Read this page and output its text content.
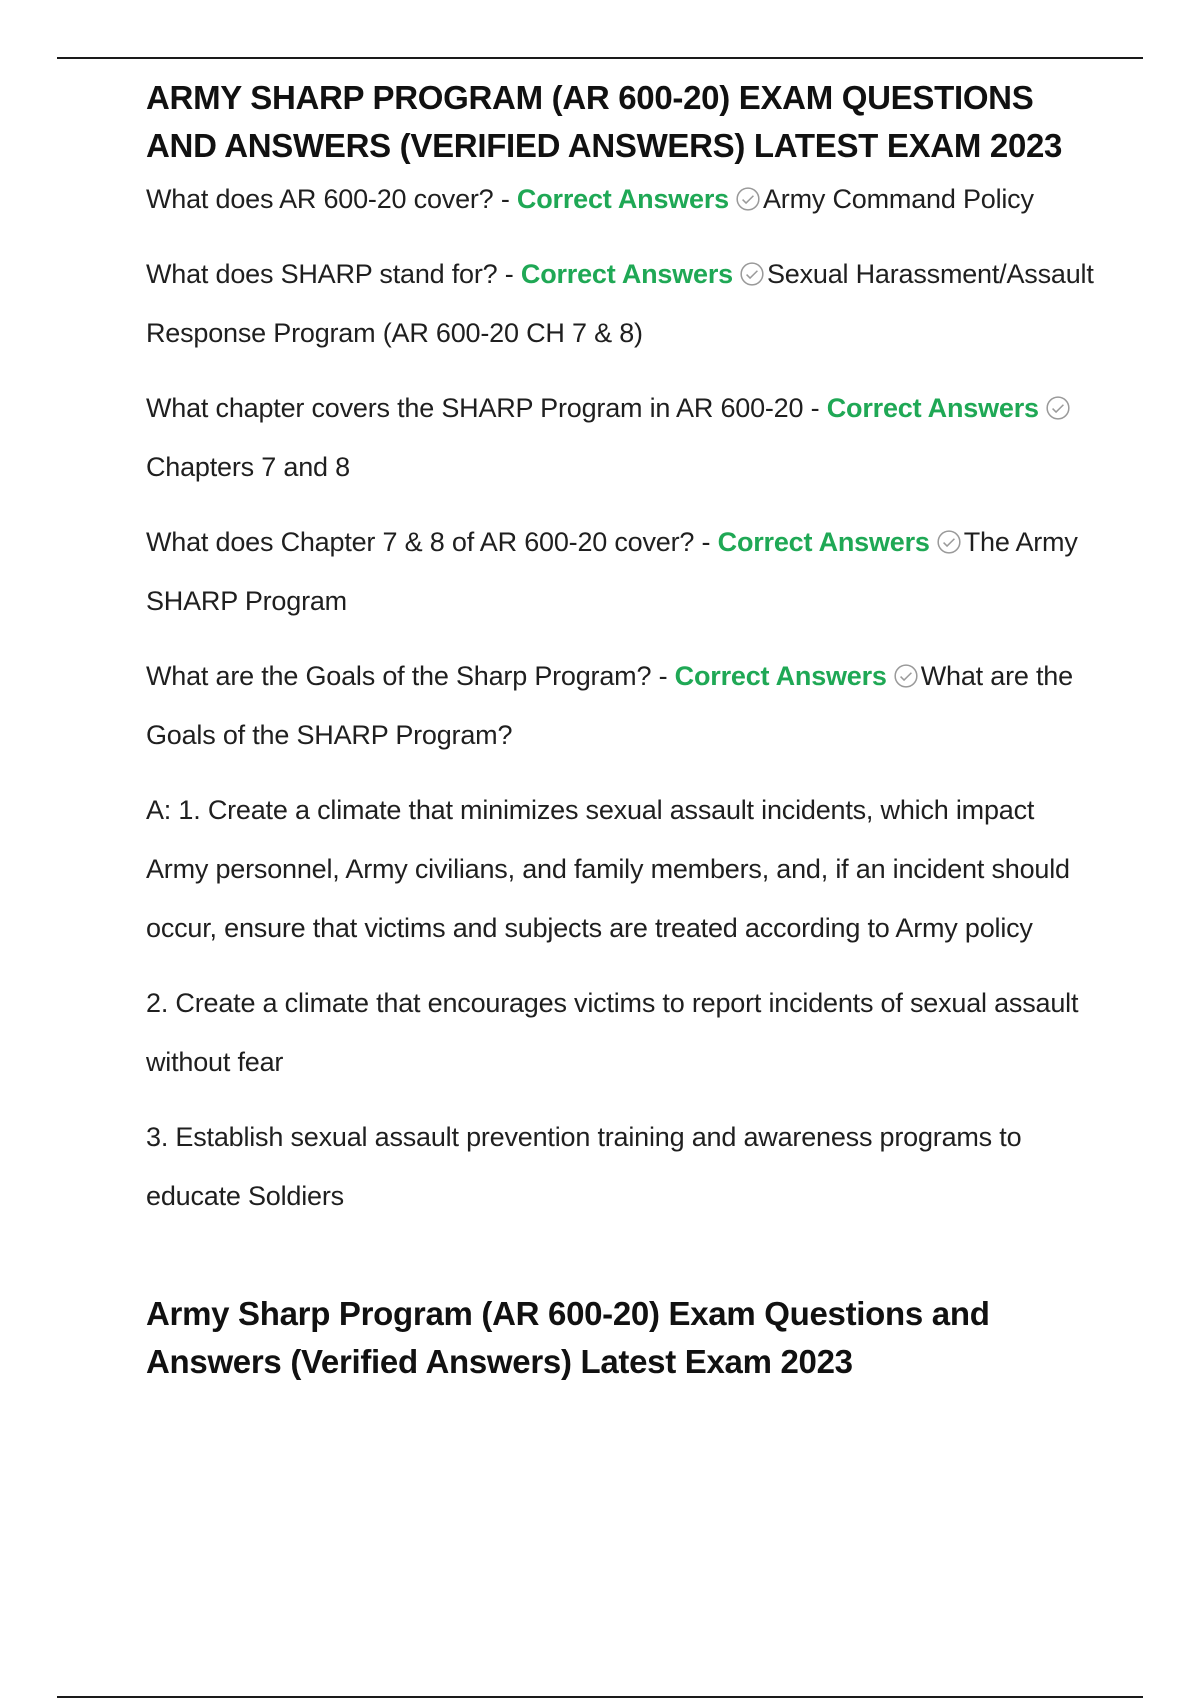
ARMY SHARP PROGRAM (AR 600-20) EXAM QUESTIONS AND ANSWERS (VERIFIED ANSWERS) LATEST EXAM 2023

What does AR 600-20 cover? - Correct Answers Army Command Policy

What does SHARP stand for? - Correct Answers Sexual Harassment/Assault Response Program (AR 600-20 CH 7 & 8)

What chapter covers the SHARP Program in AR 600-20 - Correct AnswersChapters 7 and 8

What does Chapter 7 & 8 of AR 600-20 cover? - Correct Answers The Army SHARP Program

What are the Goals of the Sharp Program? - Correct Answers What are the Goals of the SHARP Program?

A: 1. Create a climate that minimizes sexual assault incidents, which impact Army personnel, Army civilians, and family members, and, if an incident should occur, ensure that victims and subjects are treated according to Army policy

2. Create a climate that encourages victims to report incidents of sexual assault without fear

3. Establish sexual assault prevention training and awareness programs to educate Soldiers

Army Sharp Program (AR 600-20) Exam Questions and Answers (Verified Answers) Latest Exam 2023
